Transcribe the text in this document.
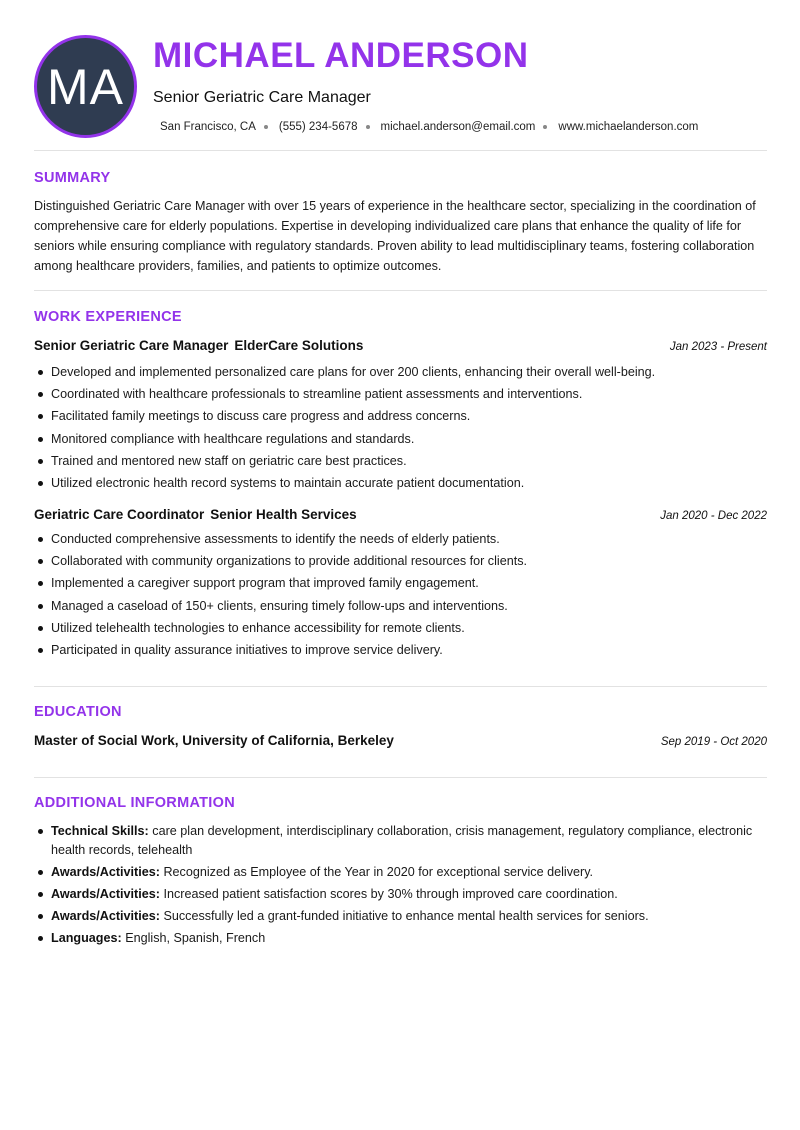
MA
MICHAEL ANDERSON
Senior Geriatric Care Manager
San Francisco, CA (555) 234-5678 michael.anderson@email.com www.michaelanderson.com
SUMMARY
Distinguished Geriatric Care Manager with over 15 years of experience in the healthcare sector, specializing in the coordination of comprehensive care for elderly populations. Expertise in developing individualized care plans that enhance the quality of life for seniors while ensuring compliance with regulatory standards. Proven ability to lead multidisciplinary teams, fostering collaboration among healthcare providers, families, and patients to optimize outcomes.
WORK EXPERIENCE
Senior Geriatric Care Manager ElderCare Solutions	Jan 2023 - Present
Developed and implemented personalized care plans for over 200 clients, enhancing their overall well-being.
Coordinated with healthcare professionals to streamline patient assessments and interventions.
Facilitated family meetings to discuss care progress and address concerns.
Monitored compliance with healthcare regulations and standards.
Trained and mentored new staff on geriatric care best practices.
Utilized electronic health record systems to maintain accurate patient documentation.
Geriatric Care Coordinator Senior Health Services	Jan 2020 - Dec 2022
Conducted comprehensive assessments to identify the needs of elderly patients.
Collaborated with community organizations to provide additional resources for clients.
Implemented a caregiver support program that improved family engagement.
Managed a caseload of 150+ clients, ensuring timely follow-ups and interventions.
Utilized telehealth technologies to enhance accessibility for remote clients.
Participated in quality assurance initiatives to improve service delivery.
EDUCATION
Master of Social Work, University of California, Berkeley	Sep 2019 - Oct 2020
ADDITIONAL INFORMATION
Technical Skills: care plan development, interdisciplinary collaboration, crisis management, regulatory compliance, electronic health records, telehealth
Awards/Activities: Recognized as Employee of the Year in 2020 for exceptional service delivery.
Awards/Activities: Increased patient satisfaction scores by 30% through improved care coordination.
Awards/Activities: Successfully led a grant-funded initiative to enhance mental health services for seniors.
Languages: English, Spanish, French
